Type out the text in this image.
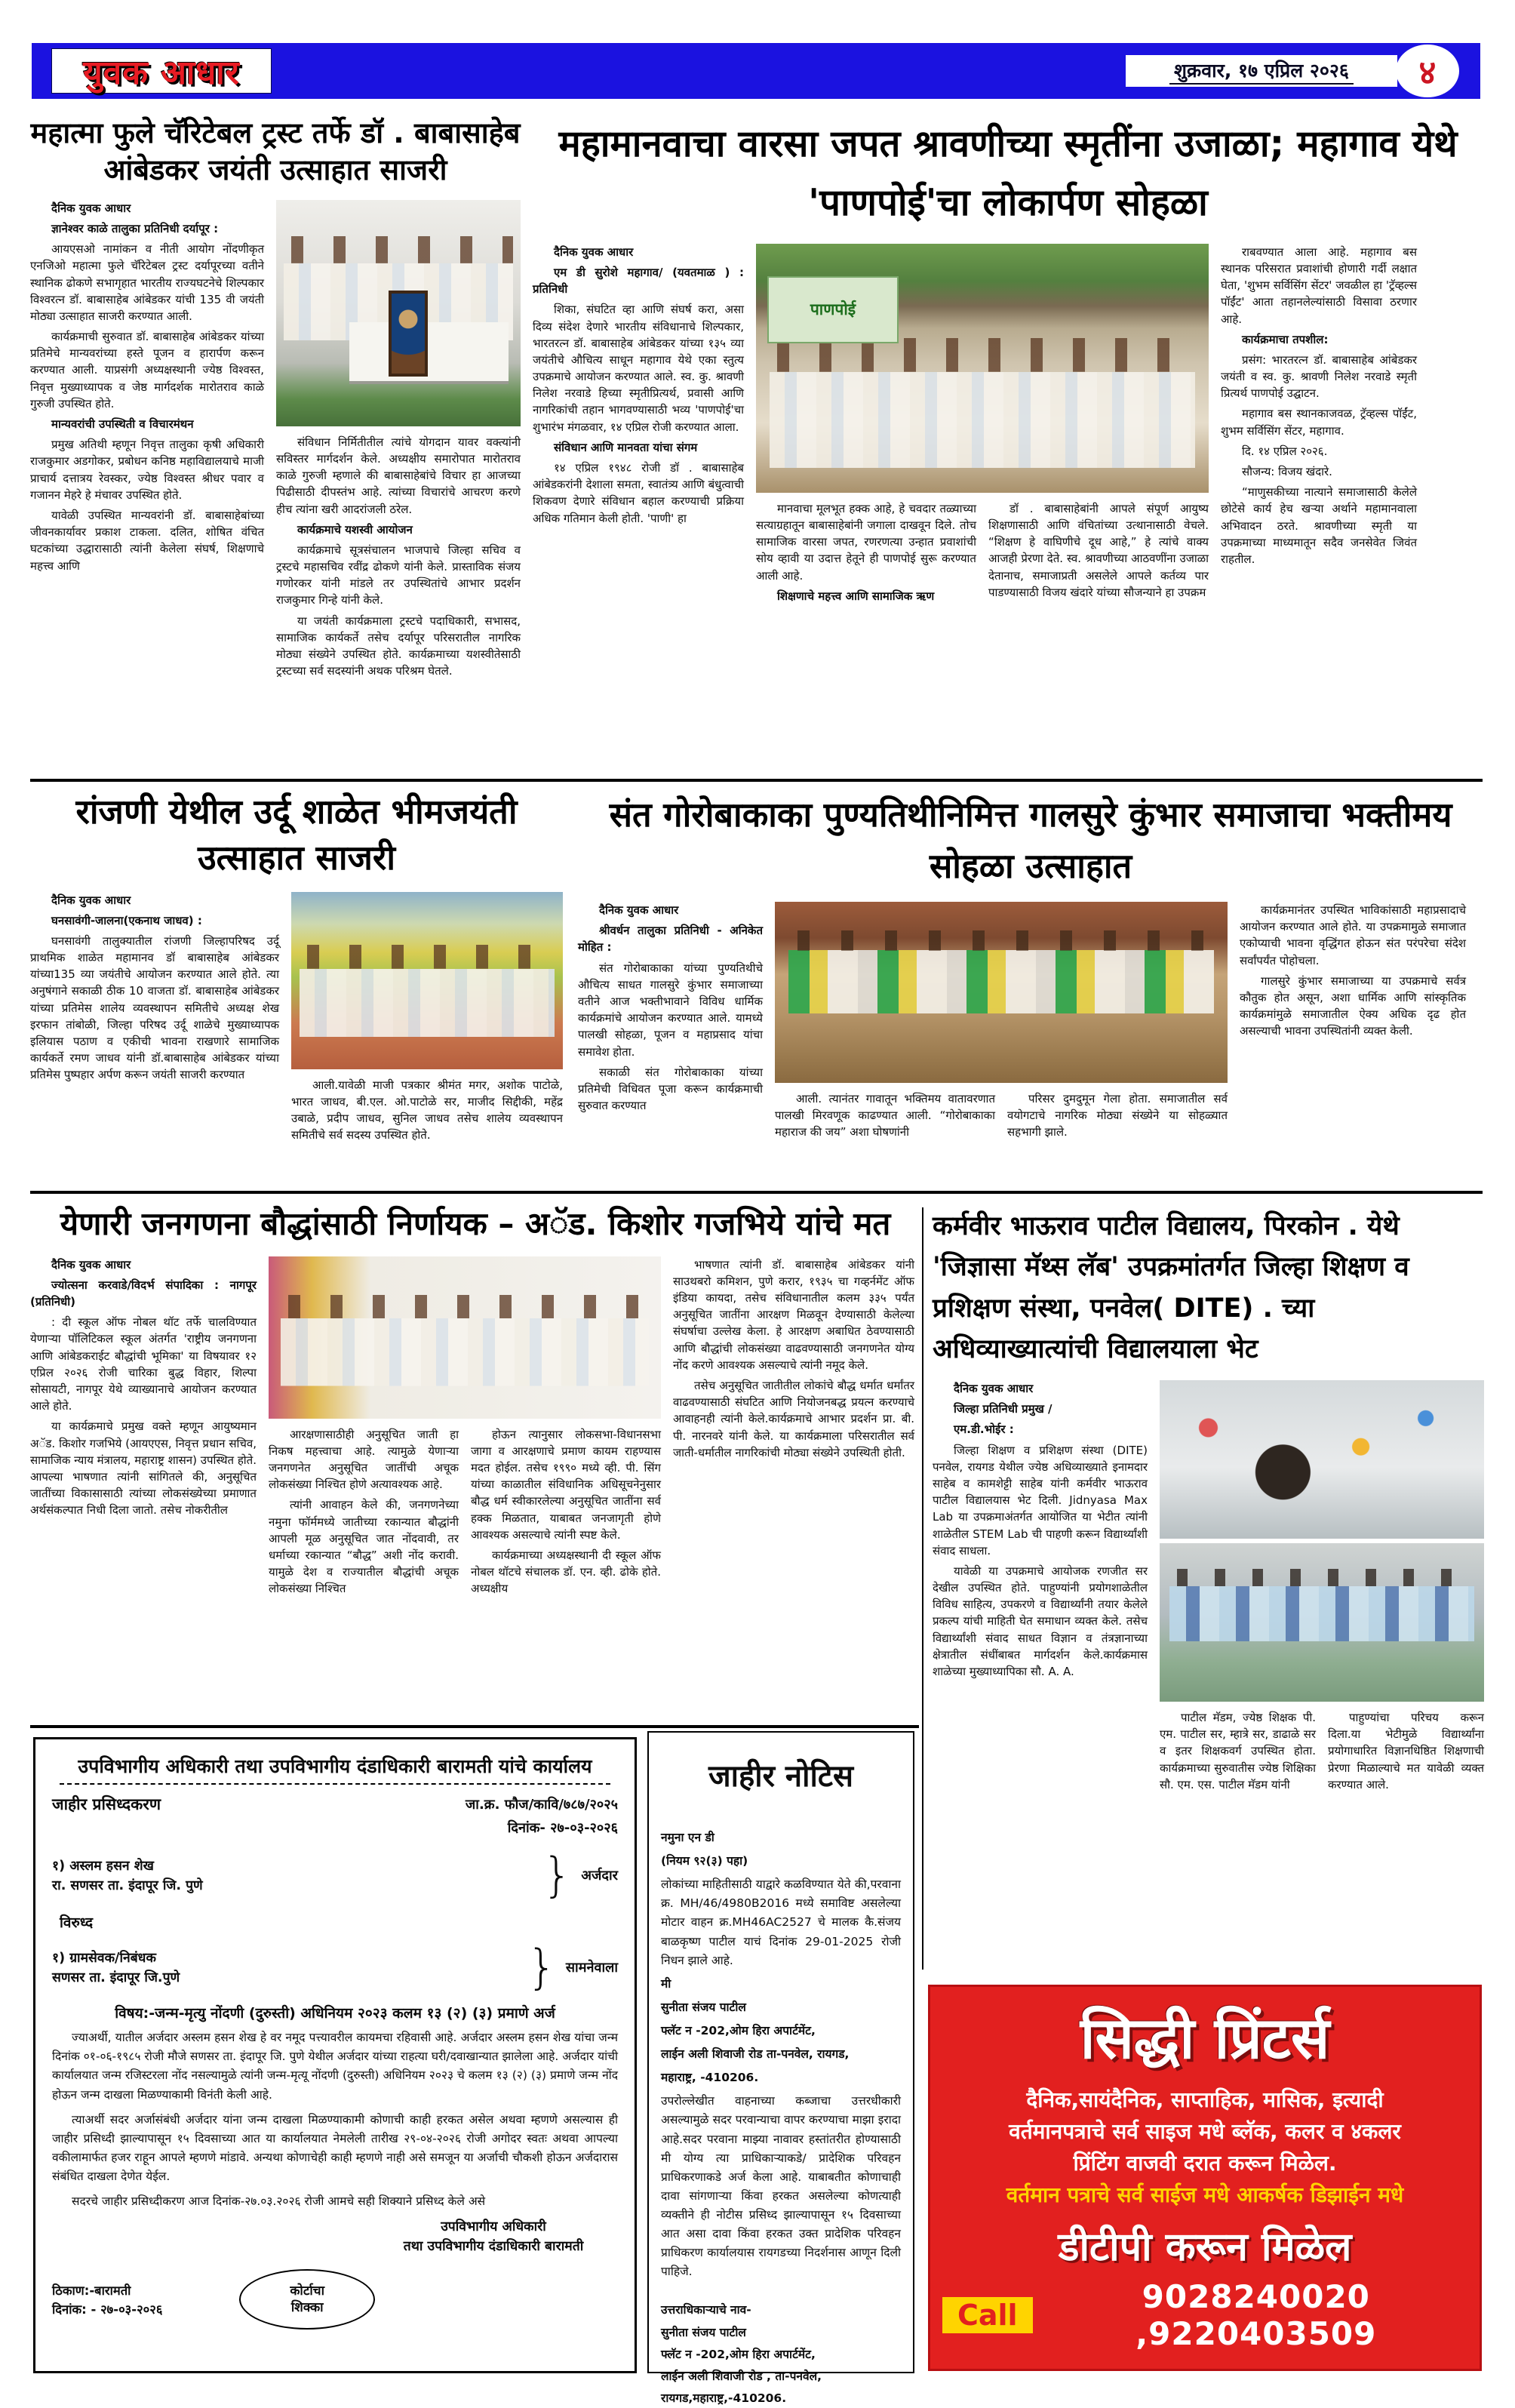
युवक आधार	शुक्रवार, १७ एप्रिल २०२६ ४
महात्मा फुले चॅरिटेबल ट्रस्ट तर्फे डॉ . बाबासाहेब आंबेडकर जयंती उत्साहात साजरी

दैनिक युवक आधार

ज्ञानेश्वर काळे तालुका प्रतिनिधी दर्यापूर :

आयएसओ नामांकन व नीती आयोग नोंदणीकृत एनजिओ महात्मा फुले चॅरिटेबल ट्रस्ट दर्यापूरच्या वतीने स्थानिक ढोकणे सभागृहात भारतीय राज्यघटनेचे शिल्पकार विश्वरत्न डॉ. बाबासाहेब आंबेडकर यांची 135 वी जयंती मोठ्या उत्साहात साजरी करण्यात आली.

कार्यक्रमाची सुरुवात डॉ. बाबासाहेब आंबेडकर यांच्या प्रतिमेचे मान्यवरांच्या हस्ते पूजन व हारार्पण करून करण्यात आली. याप्रसंगी अध्यक्षस्थानी ज्येष्ठ विश्वस्त, निवृत्त मुख्याध्यापक व जेष्ठ मार्गदर्शक मारोतराव काळे गुरुजी उपस्थित होते.

मान्यवरांची उपस्थिती व विचारमंथन

प्रमुख अतिथी म्हणून निवृत्त तालुका कृषी अधिकारी राजकुमार अडगोकर, प्रबोधन कनिष्ठ महाविद्यालयाचे माजी प्राचार्य दत्तात्रय रेवस्कर, ज्येष्ठ विश्वस्त श्रीधर पवार व गजानन मेहरे हे मंचावर उपस्थित होते.

यावेळी उपस्थित मान्यवरांनी डॉ. बाबासाहेबांच्या जीवनकार्यावर प्रकाश टाकला. दलित, शोषित वंचित घटकांच्या उद्धारासाठी त्यांनी केलेला संघर्ष, शिक्षणाचे महत्त्व आणि

संविधान निर्मितीतील त्यांचे योगदान यावर वक्त्यांनी सविस्तर मार्गदर्शन केले. अध्यक्षीय समारोपात मारोतराव काळे गुरुजी म्हणाले की बाबासाहेबांचे विचार हा आजच्या पिढीसाठी दीपस्तंभ आहे. त्यांच्या विचारांचे आचरण करणे हीच त्यांना खरी आदरांजली ठरेल.

कार्यक्रमाचे यशस्वी आयोजन

कार्यक्रमाचे सूत्रसंचालन भाजपाचे जिल्हा सचिव व ट्रस्टचे महासचिव रवींद्र ढोकणे यांनी केले. प्रास्ताविक संजय गणोरकर यांनी मांडले तर उपस्थितांचे आभार प्रदर्शन राजकुमार गिन्हे यांनी केले.

या जयंती कार्यक्रमाला ट्रस्टचे पदाधिकारी, सभासद, सामाजिक कार्यकर्ते तसेच दर्यापूर परिसरातील नागरिक मोठ्या संख्येने उपस्थित होते. कार्यक्रमाच्या यशस्वीतेसाठी ट्रस्टच्या सर्व सदस्यांनी अथक परिश्रम घेतले.

महामानवाचा वारसा जपत श्रावणीच्या स्मृतींना उजाळा; महागाव येथे 'पाणपोई'चा लोकार्पण सोहळा

दैनिक युवक आधार

एम डी सुरोशे महागाव/ (यवतमाळ ) : प्रतिनिधी

शिका, संघटित व्हा आणि संघर्ष करा, असा दिव्य संदेश देणारे भारतीय संविधानाचे शिल्पकार, भारतरत्न डॉ. बाबासाहेब आंबेडकर यांच्या १३५ व्या जयंतीचे औचित्य साधून महागाव येथे एका स्तुत्य उपक्रमाचे आयोजन करण्यात आले. स्व. कु. श्रावणी निलेश नरवाडे हिच्या स्मृतीप्रित्यर्थ, प्रवासी आणि नागरिकांची तहान भागवण्यासाठी भव्य 'पाणपोई'चा शुभारंभ मंगळवार, १४ एप्रिल रोजी करण्यात आला.

संविधान आणि मानवता यांचा संगम

१४ एप्रिल १९४८ रोजी डॉ . बाबासाहेब आंबेडकरांनी देशाला समता, स्वातंत्र्य आणि बंधुत्वाची शिकवण देणारे संविधान बहाल करण्याची प्रक्रिया अधिक गतिमान केली होती. 'पाणी' हा

पाणपोई

मानवाचा मूलभूत हक्क आहे, हे चवदार तळ्याच्या सत्याग्रहातून बाबासाहेबांनी जगाला दाखवून दिले. तोच सामाजिक वारसा जपत, रणरणत्या उन्हात प्रवाशांची सोय व्हावी या उदात्त हेतूने ही पाणपोई सुरू करण्यात आली आहे.

शिक्षणाचे महत्त्व आणि सामाजिक ऋण

डॉ . बाबासाहेबांनी आपले संपूर्ण आयुष्य शिक्षणासाठी आणि वंचितांच्या उत्थानासाठी वेचले. “शिक्षण हे वाघिणीचे दूध आहे,” हे त्यांचे वाक्य आजही प्रेरणा देते. स्व. श्रावणीच्या आठवणींना उजाळा देतानाच, समाजाप्रती असलेले आपले कर्तव्य पार पाडण्यासाठी विजय खंदारे यांच्या सौजन्याने हा उपक्रम

राबवण्यात आला आहे. महागाव बस स्थानक परिसरात प्रवाशांची होणारी गर्दी लक्षात घेता, 'शुभम सर्विसिंग सेंटर' जवळील हा 'ट्रॅव्हल्स पॉईंट' आता तहानलेल्यांसाठी विसावा ठरणार आहे.

कार्यक्रमाचा तपशील:

प्रसंग: भारतरत्न डॉ. बाबासाहेब आंबेडकर जयंती व स्व. कु. श्रावणी निलेश नरवाडे स्मृती प्रित्यर्थ पाणपोई उद्घाटन.

महागाव बस स्थानकाजवळ, ट्रॅव्हल्स पॉईंट, शुभम सर्विसिंग सेंटर, महागाव.

दि. १४ एप्रिल २०२६.

सौजन्य: विजय खंदारे.

“माणुसकीच्या नात्याने समाजासाठी केलेले छोटेसे कार्य हेच खऱ्या अर्थाने महामानवाला अभिवादन ठरते. श्रावणीच्या स्मृती या उपक्रमाच्या माध्यमातून सदैव जनसेवेत जिवंत राहतील.

रांजणी येथील उर्दू शाळेत भीमजयंती उत्साहात साजरी

दैनिक युवक आधार

घनसावंगी-जालना(एकनाथ जाधव) :

घनसावंगी तालुक्यातील रांजणी जिल्हापरिषद उर्दू प्राथमिक शाळेत महामानव डॉ बाबासाहेब आंबेडकर यांच्या135 व्या जयंतीचे आयोजन करण्यात आले होते. त्या अनुषंगाने सकाळी ठीक 10 वाजता डॉ. बाबासाहेब आंबेडकर यांच्या प्रतिमेस शालेय व्यवस्थापन समितीचे अध्यक्ष शेख इरफान तांबोळी, जिल्हा परिषद उर्दू शाळेचे मुख्याध्यापक इलियास पठाण व एकीची भावना राखणारे सामाजिक कार्यकर्ते रमण जाधव यांनी डॉ.बाबासाहेब आंबेडकर यांच्या प्रतिमेस पुष्पहार अर्पण करून जयंती साजरी करण्यात

आली.यावेळी माजी पत्रकार श्रीमंत मगर, अशोक पाटोळे, भारत जाधव, बी.एल. ओ.पाटोळे सर, माजीद सिद्दीकी, महेंद्र उबाळे, प्रदीप जाधव, सुनिल जाधव तसेच शालेय व्यवस्थापन समितीचे सर्व सदस्य उपस्थित होते.

संत गोरोबाकाका पुण्यतिथीनिमित्त गालसुरे कुंभार समाजाचा भक्तीमय सोहळा उत्साहात

दैनिक युवक आधार

श्रीवर्धन तालुका प्रतिनिधी - अनिकेत मोहित :

संत गोरोबाकाका यांच्या पुण्यतिथीचे औचित्य साधत गालसुरे कुंभार समाजाच्या वतीने आज भक्तीभावाने विविध धार्मिक कार्यक्रमांचे आयोजन करण्यात आले. यामध्ये पालखी सोहळा, पूजन व महाप्रसाद यांचा समावेश होता.

सकाळी संत गोरोबाकाका यांच्या प्रतिमेची विधिवत पूजा करून कार्यक्रमाची सुरुवात करण्यात

आली. त्यानंतर गावातून भक्तिमय वातावरणात पालखी मिरवणूक काढण्यात आली. “गोरोबाकाका महाराज की जय” अशा घोषणांनी

परिसर दुमदुमून गेला होता. समाजातील सर्व वयोगटाचे नागरिक मोठ्या संख्येने या सोहळ्यात सहभागी झाले.

कार्यक्रमानंतर उपस्थित भाविकांसाठी महाप्रसादाचे आयोजन करण्यात आले होते. या उपक्रमामुळे समाजात एकोप्याची भावना वृद्धिंगत होऊन संत परंपरेचा संदेश सर्वांपर्यंत पोहोचला.

गालसुरे कुंभार समाजाच्या या उपक्रमाचे सर्वत्र कौतुक होत असून, अशा धार्मिक आणि सांस्कृतिक कार्यक्रमांमुळे समाजातील ऐक्य अधिक दृढ होत असल्याची भावना उपस्थितांनी व्यक्त केली.

येणारी जनगणना बौद्धांसाठी निर्णायक – अॅड. किशोर गजभिये यांचे मत

दैनिक युवक आधार

ज्योत्सना करवाडे/विदर्भ संपादिका : नागपूर (प्रतिनिधी)

: दी स्कूल ऑफ नोबल थॉट तर्फे चालविण्यात येणाऱ्या पॉलिटिकल स्कूल अंतर्गत 'राष्ट्रीय जनगणना आणि आंबेडकराईट बौद्धांची भूमिका' या विषयावर १२ एप्रिल २०२६ रोजी चारिका बुद्ध विहार, शिल्पा सोसायटी, नागपूर येथे व्याख्यानाचे आयोजन करण्यात आले होते.

या कार्यक्रमाचे प्रमुख वक्ते म्हणून आयुष्यमान अॅड. किशोर गजभिये (आयएएस, निवृत्त प्रधान सचिव, सामाजिक न्याय मंत्रालय, महाराष्ट्र शासन) उपस्थित होते. आपल्या भाषणात त्यांनी सांगितले की, अनुसूचित जातींच्या विकासासाठी त्यांच्या लोकसंख्येच्या प्रमाणात अर्थसंकल्पात निधी दिला जातो. तसेच नोकरीतील

आरक्षणासाठीही अनुसूचित जाती हा निकष महत्त्वाचा आहे. त्यामुळे येणाऱ्या जनगणनेत अनुसूचित जातींची अचूक लोकसंख्या निश्चित होणे अत्यावश्यक आहे.

त्यांनी आवाहन केले की, जनगणनेच्या नमुना फॉर्ममध्ये जातीच्या रकान्यात बौद्धांनी आपली मूळ अनुसूचित जात नोंदवावी, तर धर्माच्या रकान्यात “बौद्ध” अशी नोंद करावी. यामुळे देश व राज्यातील बौद्धांची अचूक लोकसंख्या निश्चित

होऊन त्यानुसार लोकसभा-विधानसभा जागा व आरक्षणाचे प्रमाण कायम राहण्यास मदत होईल. तसेच १९९० मध्ये व्ही. पी. सिंग यांच्या काळातील संविधानिक अधिसूचनेनुसार बौद्ध धर्म स्वीकारलेल्या अनुसूचित जातींना सर्व हक्क मिळतात, याबाबत जनजागृती होणे आवश्यक असल्याचे त्यांनी स्पष्ट केले.

कार्यक्रमाच्या अध्यक्षस्थानी दी स्कूल ऑफ नोबल थॉटचे संचालक डॉ. एन. व्ही. ढोके होते. अध्यक्षीय

भाषणात त्यांनी डॉ. बाबासाहेब आंबेडकर यांनी साउथबरो कमिशन, पुणे करार, १९३५ चा गव्हर्नमेंट ऑफ इंडिया कायदा, तसेच संविधानातील कलम ३३५ पर्यंत अनुसूचित जातींना आरक्षण मिळवून देण्यासाठी केलेल्या संघर्षाचा उल्लेख केला. हे आरक्षण अबाधित ठेवण्यासाठी आणि बौद्धांची लोकसंख्या वाढवण्यासाठी जनगणनेत योग्य नोंद करणे आवश्यक असल्याचे त्यांनी नमूद केले.

तसेच अनुसूचित जातीतील लोकांचे बौद्ध धर्मात धर्मांतर वाढवण्यासाठी संघटित आणि नियोजनबद्ध प्रयत्न करण्याचे आवाहनही त्यांनी केले.कार्यक्रमाचे आभार प्रदर्शन प्रा. बी. पी. नारनवरे यांनी केले. या कार्यक्रमाला परिसरातील सर्व जाती-धर्मातील नागरिकांची मोठ्या संख्येने उपस्थिती होती.

कर्मवीर भाऊराव पाटील विद्यालय, पिरकोन . येथे 'जिज्ञासा मॅथ्स लॅब' उपक्रमांतर्गत जिल्हा शिक्षण व प्रशिक्षण संस्था, पनवेल( DITE) . च्या अधिव्याख्यात्यांची विद्यालयाला भेट

दैनिक युवक आधार

जिल्हा प्रतिनिधी प्रमुख /

एम.डी.भोईर :

जिल्हा शिक्षण व प्रशिक्षण संस्था (DITE) पनवेल, रायगड येथील ज्येष्ठ अधिव्याख्याते इनामदार साहेब व कामशेट्टी साहेब यांनी कर्मवीर भाऊराव पाटील विद्यालयास भेट दिली. Jidnyasa Max Lab या उपक्रमाअंतर्गत आयोजित या भेटीत त्यांनी शाळेतील STEM Lab ची पाहणी करून विद्यार्थ्यांशी संवाद साधला.

यावेळी या उपक्रमाचे आयोजक रणजीत सर देखील उपस्थित होते. पाहुण्यांनी प्रयोगशाळेतील विविध साहित्य, उपकरणे व विद्यार्थ्यांनी तयार केलेले प्रकल्प यांची माहिती घेत समाधान व्यक्त केले. तसेच विद्यार्थ्यांशी संवाद साधत विज्ञान व तंत्रज्ञानाच्या क्षेत्रातील संधींबाबत मार्गदर्शन केले.कार्यक्रमास शाळेच्या मुख्याध्यापिका सौ. A. A.

पाटील मॅडम, ज्येष्ठ शिक्षक पी. एम. पाटील सर, म्हात्रे सर, डाढाळे सर व इतर शिक्षकवर्ग उपस्थित होता. कार्यक्रमाच्या सुरुवातीस ज्येष्ठ शिक्षिका सौ. एम. एस. पाटील मॅडम यांनी

पाहुण्यांचा परिचय करून दिला.या भेटीमुळे विद्यार्थ्यांना प्रयोगाधारित विज्ञानधिष्ठित शिक्षणाची प्रेरणा मिळाल्याचे मत यावेळी व्यक्त करण्यात आले.

उपविभागीय अधिकारी तथा उपविभागीय दंडाधिकारी बारामती यांचे कार्यालय
जाहीर प्रसिध्दकरण	जा.क्र. फौज/कावि/७८७/२०२५
दिनांक- २७-०३-२०२६

१) अस्लम हसन शेख

रा. सणसर ता. इंदापूर जि. पुणे	} अर्जदार

विरुध्द

१) ग्रामसेवक/निबंधक

सणसर ता. इंदापूर जि.पुणे	} सामनेवाला
विषय:-जन्म-मृत्यु नोंदणी (दुरुस्ती) अधिनियम २०२३ कलम १३ (२) (३) प्रमाणे अर्ज

ज्याअर्थी, यातील अर्जदार अस्लम हसन शेख हे वर नमूद पत्त्यावरील कायमचा रहिवासी आहे. अर्जदार अस्लम हसन शेख यांचा जन्म दिनांक ०१-०६-१९८५ रोजी मौजे सणसर ता. इंदापूर जि. पुणे येथील अर्जदार यांच्या राहत्या घरी/दवाखान्यात झालेला आहे. अर्जदार यांची कार्यालयात जन्म रजिस्टरला नोंद नसल्यामुळे त्यांनी जन्म-मृत्यू नोंदणी (दुरुस्ती) अधिनियम २०२३ चे कलम १३ (२) (३) प्रमाणे जन्म नोंद होऊन जन्म दाखला मिळण्याकामी विनंती केली आहे.

त्याअर्थी सदर अर्जासंबंधी अर्जदार यांना जन्म दाखला मिळण्याकामी कोणाची काही हरकत असेल अथवा म्हणणे असल्यास ही जाहीर प्रसिध्दी झाल्यापासून १५ दिवसाच्या आत या कार्यालयात नेमलेली तारीख २९-०४-२०२६ रोजी अगोदर स्वतः अथवा आपल्या वकीलामार्फत हजर राहून आपले म्हणणे मांडावे. अन्यथा कोणाचेही काही म्हणणे नाही असे समजून या अर्जाची चौकशी होऊन अर्जदारास संबंधित दाखला देणेत येईल.

सदरचे जाहीर प्रसिध्दीकरण आज दिनांक-२७.०३.२०२६ रोजी आमचे सही शिक्याने प्रसिध्द केले असे

उपविभागीय अधिकारी
तथा उपविभागीय दंडाधिकारी बारामती

ठिकाण:-बारामती

दिनांक: - २७-०३-२०२६

कोर्टाचा
शिक्का
जाहीर नोटिस

नमुना एन डी

(नियम ९२(३) पहा)

लोकांच्या माहितीसाठी याद्वारे कळविण्यात येते की,परवाना क्र. MH/46/4980B2016 मध्ये समाविष्ट असलेल्या मोटार वाहन क्र.MH46AC2527 चे मालक कै.संजय बाळकृष्ण पाटील याचं दिनांक 29-01-2025 रोजी निधन झाले आहे.

मी

सुनीता संजय पाटील

फ्लॅट न -202,ओम हिरा अपार्टमेंट,

लाईन अली शिवाजी रोड ता-पनवेल, रायगड,

महाराष्ट्र, -410206.

उपरोल्लेखीत वाहनाच्या कब्जाचा उत्तरधीकारी असल्यामुळे सदर परवान्याचा वापर करण्याचा माझा इरादा आहे.सदर परवाना माझ्या नावावर हस्तांतरीत होण्यासाठी मी योग्य त्या प्राधिकाऱ्याकडे/ प्रादेशिक परिवहन प्राधिकरणाकडे अर्ज केला आहे. याबाबतीत कोणाचाही दावा सांगणाऱ्या किंवा हरकत असलेल्या कोणत्याही व्यक्तीने ही नोटीस प्रसिध्द झाल्यापासून १५ दिवसाच्या आत असा दावा किंवा हरकत उक्त प्रादेशिक परिवहन प्राधिकरण कार्यालयास रायगडच्या निदर्शनास आणून दिली पाहिजे.

उत्तराधिकाऱ्याचे नाव-

सुनीता संजय पाटील

फ्लॅट न -202,ओम हिरा अपार्टमेंट,

लाईन अली शिवाजी रोड , ता-पनवेल,

रायगड,महाराष्ट्र,-410206.

सिद्धी प्रिंटर्स
दैनिक,सायंदैनिक, साप्ताहिक, मासिक, इत्यादी
वर्तमानपत्राचे सर्व साइज मधे ब्लॅक, कलर व ४कलर
प्रिंटिंग वाजवी दरात करून मिळेल.
वर्तमान पत्राचे सर्व साईज मधे आकर्षक डिझाईन मधे
डीटीपी करून मिळेल
Call	9028240020 ,9220403509
